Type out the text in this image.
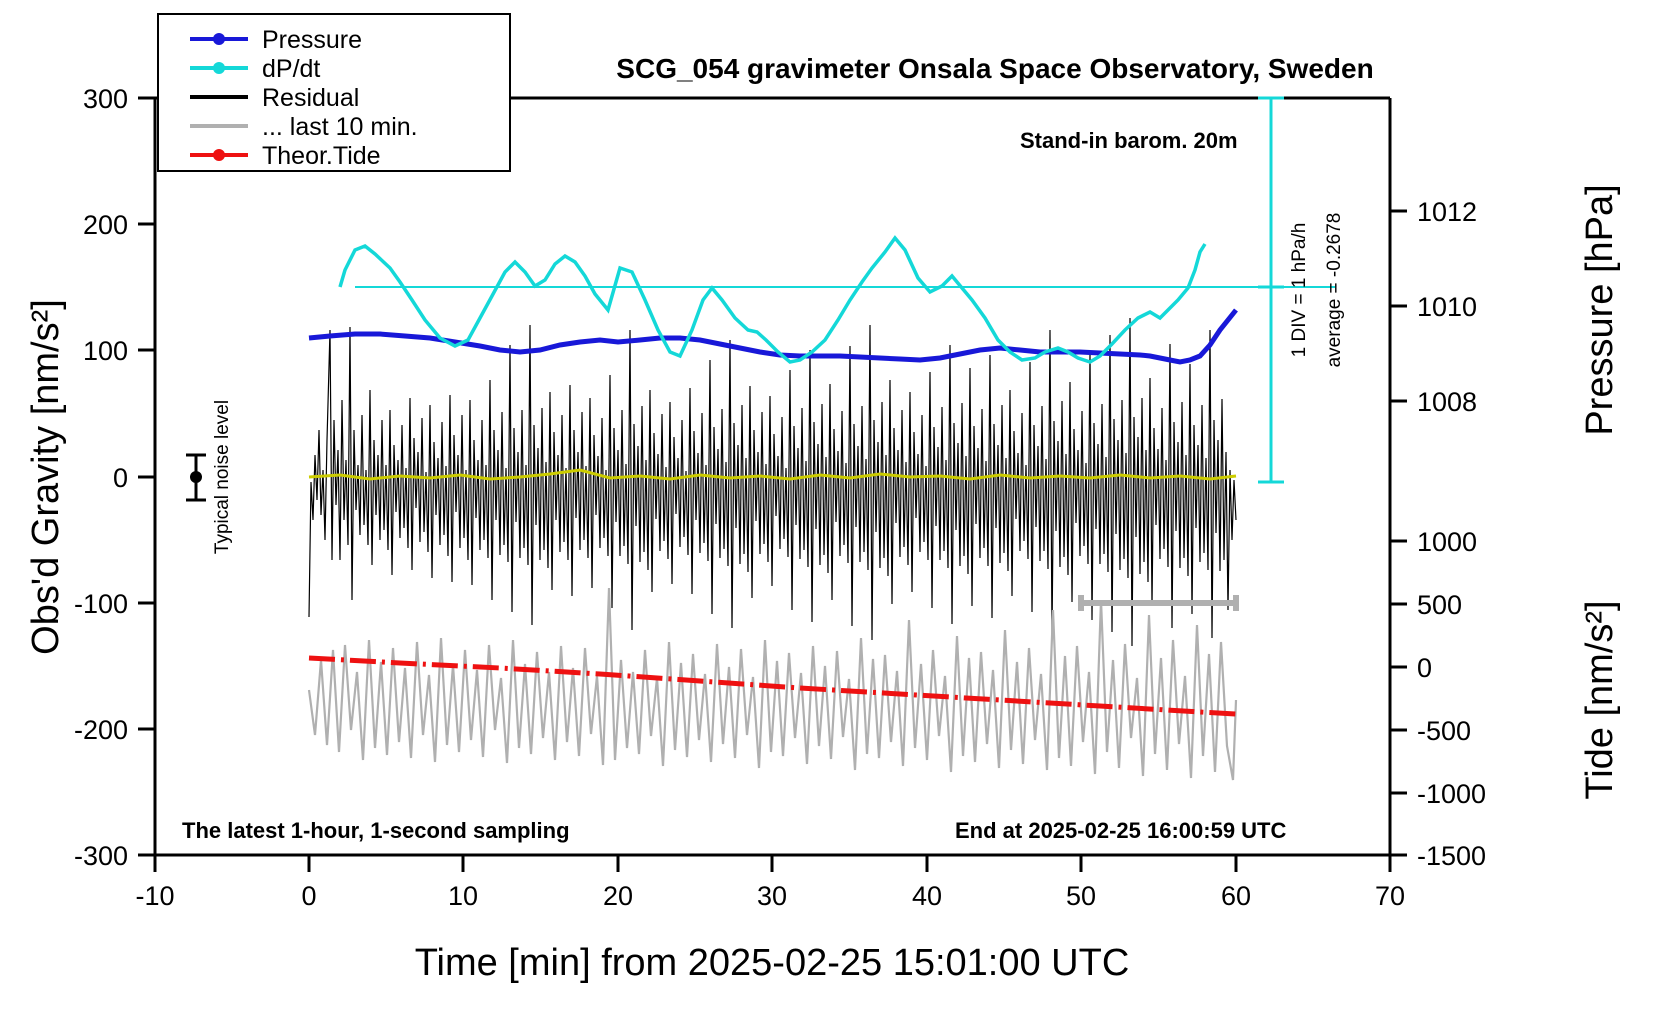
-10	0	10	20	30	40	50	60	70
-300
-200
-100
0
100
200
300
1012
1010
1008
1000
500
0
-500
-1000
-1500
Obs'd Gravity [nm/s²]
Time [min] from 2025-02-25 15:01:00 UTC
Pressure [hPa]
Tide [nm/s²]
SCG_054 gravimeter Onsala Space Observatory, Sweden
Typical noise level
1 DIV = 1 hPa/h average = -0.2678
Stand-in barom. 20m
The latest 1-hour, 1-second sampling	End at 2025-02-25 16:00:59 UTC
Pressure
dP/dt
Residual
... last 10 min.
Theor.Tide
